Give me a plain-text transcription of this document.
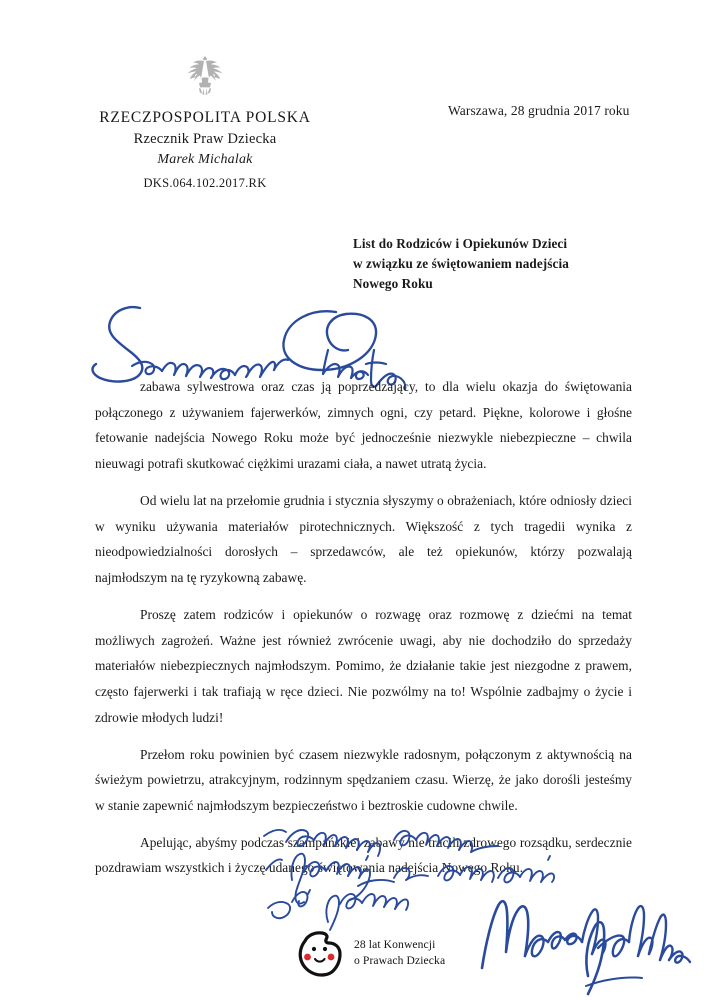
RZECZPOSPOLITA POLSKA
Rzecznik Praw Dziecka
Marek Michalak
DKS.064.102.2017.RK
Warszawa, 28 grudnia 2017 roku
List do Rodziców i Opiekunów Dzieci
w związku ze świętowaniem nadejścia
Nowego Roku

zabawa sylwestrowa oraz czas ją poprzedzający, to dla wielu okazja do świętowania połączonego z używaniem fajerwerków, zimnych ogni, czy petard. Piękne, kolorowe i głośne fetowanie nadejścia Nowego Roku może być jednocześnie niezwykle niebezpieczne – chwila nieuwagi potrafi skutkować ciężkimi urazami ciała, a nawet utratą życia.

Od wielu lat na przełomie grudnia i stycznia słyszymy o obrażeniach, które odniosły dzieci w wyniku używania materiałów pirotechnicznych. Większość z tych tragedii wynika z nieodpowiedzialności dorosłych – sprzedawców, ale też opiekunów, którzy pozwalają najmłodszym na tę ryzykowną zabawę.

Proszę zatem rodziców i opiekunów o rozwagę oraz rozmowę z dziećmi na temat możliwych zagrożeń. Ważne jest również zwrócenie uwagi, aby nie dochodziło do sprzedaży materiałów niebezpiecznych najmłodszym. Pomimo, że działanie takie jest niezgodne z prawem, często fajerwerki i tak trafiają w ręce dzieci. Nie pozwólmy na to! Wspólnie zadbajmy o życie i zdrowie młodych ludzi!

Przełom roku powinien być czasem niezwykle radosnym, połączonym z aktywnością na świeżym powietrzu, atrakcyjnym, rodzinnym spędzaniem czasu. Wierzę, że jako dorośli jesteśmy w stanie zapewnić najmłodszym bezpieczeństwo i beztroskie cudowne chwile.

Apelując, abyśmy podczas szampańskiej zabawy nie tracili zdrowego rozsądku, serdecznie pozdrawiam wszystkich i życzę udanego świętowania nadejścia Nowego Roku.

28 lat Konwencji
o Prawach Dziecka
